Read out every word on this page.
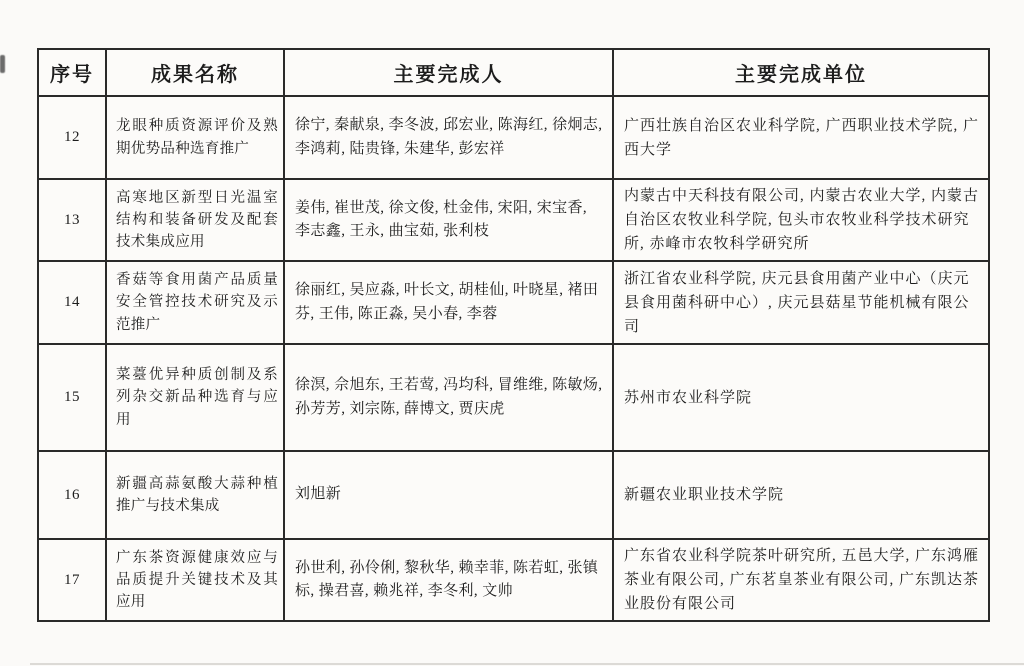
序号	成果名称	主要完成人	主要完成单位
12	龙眼种质资源评价及熟期优势品种选育推广	徐宁, 秦献泉, 李冬波, 邱宏业, 陈海红, 徐炯志, 李鸿莉, 陆贵锋, 朱建华, 彭宏祥	广西壮族自治区农业科学院, 广西职业技术学院, 广西大学
13	高寒地区新型日光温室结构和装备研发及配套技术集成应用	姜伟, 崔世茂, 徐文俊, 杜金伟, 宋阳, 宋宝香, 李志鑫, 王永, 曲宝茹, 张利枝	内蒙古中天科技有限公司, 内蒙古农业大学, 内蒙古自治区农牧业科学院, 包头市农牧业科学技术研究所, 赤峰市农牧科学研究所
14	香菇等食用菌产品质量安全管控技术研究及示范推广	徐丽红, 吴应淼, 叶长文, 胡桂仙, 叶晓星, 褚田芬, 王伟, 陈正淼, 吴小春, 李蓉	浙江省农业科学院, 庆元县食用菌产业中心（庆元县食用菌科研中心）, 庆元县菇星节能机械有限公司
15	菜薹优异种质创制及系列杂交新品种选育与应用	徐溟, 佘旭东, 王若莺, 冯均科, 冒维维, 陈敏炀, 孙芳芳, 刘宗陈, 薛博文, 贾庆虎	苏州市农业科学院
16	新疆高蒜氨酸大蒜种植推广与技术集成	刘旭新	新疆农业职业技术学院
17	广东茶资源健康效应与品质提升关键技术及其应用	孙世利, 孙伶俐, 黎秋华, 赖幸菲, 陈若虹, 张镇标, 操君喜, 赖兆祥, 李冬利, 文帅	广东省农业科学院茶叶研究所, 五邑大学, 广东鸿雁茶业有限公司, 广东茗皇茶业有限公司, 广东凯达茶业股份有限公司
